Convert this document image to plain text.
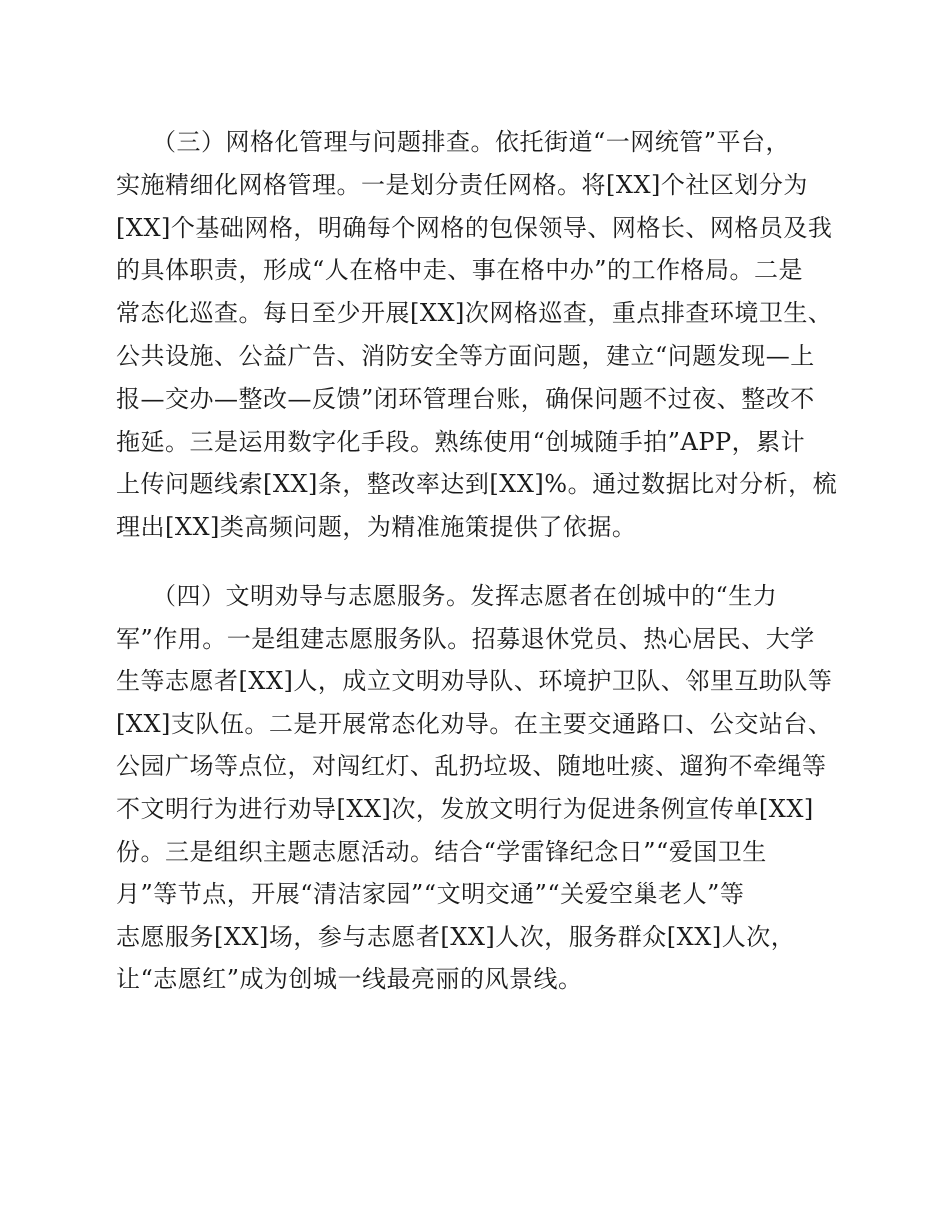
（三）网格化管理与问题排查。依托街道“一网统管”平台，
实施精细化网格管理。一是划分责任网格。将[XX]个社区划分为
[XX]个基础网格，明确每个网格的包保领导、网格长、网格员及我
的具体职责，形成“人在格中走、事在格中办”的工作格局。二是
常态化巡查。每日至少开展[XX]次网格巡查，重点排查环境卫生、
公共设施、公益广告、消防安全等方面问题，建立“问题发现—上
报—交办—整改—反馈”闭环管理台账，确保问题不过夜、整改不
拖延。三是运用数字化手段。熟练使用“创城随手拍”APP，累计
上传问题线索[XX]条，整改率达到[XX]%。通过数据比对分析，梳
理出[XX]类高频问题，为精准施策提供了依据。
（四）文明劝导与志愿服务。发挥志愿者在创城中的“生力
军”作用。一是组建志愿服务队。招募退休党员、热心居民、大学
生等志愿者[XX]人，成立文明劝导队、环境护卫队、邻里互助队等
[XX]支队伍。二是开展常态化劝导。在主要交通路口、公交站台、
公园广场等点位，对闯红灯、乱扔垃圾、随地吐痰、遛狗不牵绳等
不文明行为进行劝导[XX]次，发放文明行为促进条例宣传单[XX]
份。三是组织主题志愿活动。结合“学雷锋纪念日”“爱国卫生
月”等节点，开展“清洁家园”“文明交通”“关爱空巢老人”等
志愿服务[XX]场，参与志愿者[XX]人次，服务群众[XX]人次，
让“志愿红”成为创城一线最亮丽的风景线。
